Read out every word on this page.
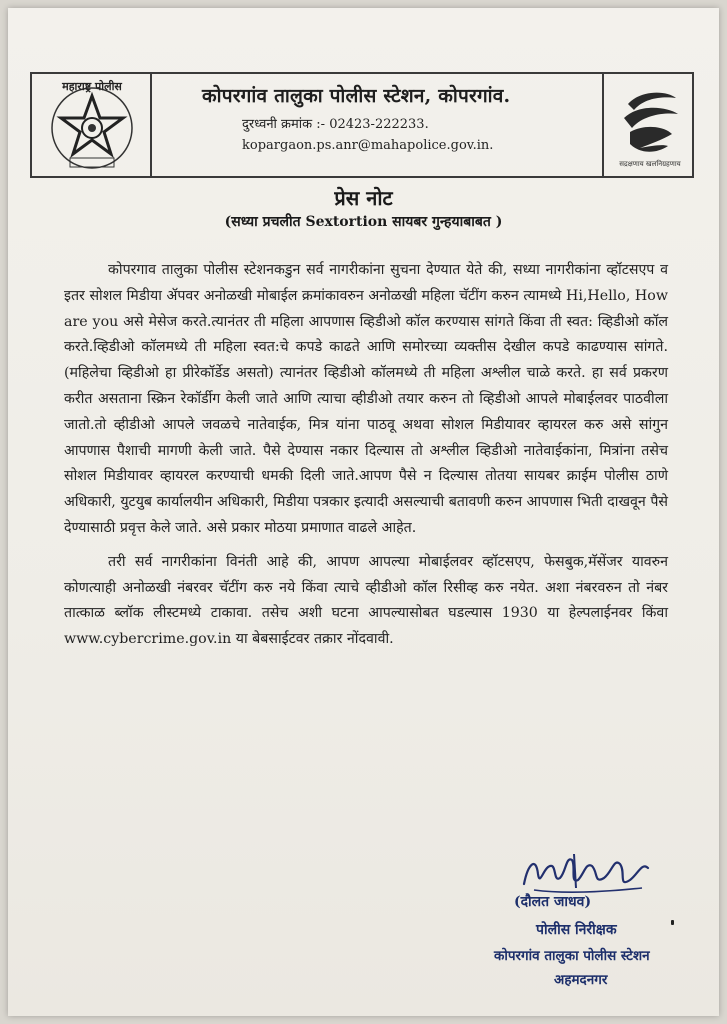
महाराष्ट्र पोलीस	कोपरगांव तालुका पोलीस स्टेशन, कोपरगांव.
दुरध्वनी क्रमांक :- 02423-222233.
kopargaon.ps.anr@mahapolice.gov.in.
सद्रक्षणाय खलनिग्रहणाय
प्रेस नोट
(सध्या प्रचलीत Sextortion सायबर गुन्हयाबाबत )

कोपरगाव तालुका पोलीस स्टेशनकडुन सर्व नागरीकांना सुचना देण्यात येते की, सध्या नागरीकांना व्हॉटसएप व इतर सोशल मिडीया ॲपवर अनोळखी मोबाईल क्रमांकावरुन अनोळखी महिला चॅटींग करुन त्यामध्ये Hi,Hello, How are you असे मेसेज करते.त्यानंतर ती महिला आपणास व्हिडीओ कॉल करण्यास सांगते किंवा ती स्वत: व्हिडीओ कॉल करते.व्हिडीओ कॉलमध्ये ती महिला स्वत:चे कपडे काढते आणि समोरच्या व्यक्तीस देखील कपडे काढण्यास सांगते. (महिलेचा व्हिडीओ हा प्रीरेकॉर्डेड असतो) त्यानंतर व्हिडीओ कॉलमध्ये ती महिला अश्लील चाळे करते. हा सर्व प्रकरण करीत असताना स्क्रिन रेकॉर्डीग केली जाते आणि त्याचा व्हीडीओ तयार करुन तो व्हिडीओ आपले मोबाईलवर पाठवीला जातो.तो व्हीडीओ आपले जवळचे नातेवाईक, मित्र यांना पाठवू अथवा सोशल मिडीयावर व्हायरल करु असे सांगुन आपणास पैशाची मागणी केली जाते. पैसे देण्यास नकार दिल्यास तो अश्लील व्हिडीओ नातेवाईकांना, मित्रांना तसेच सोशल मिडीयावर व्हायरल करण्याची धमकी दिली जाते.आपण पैसे न दिल्यास तोतया सायबर क्राईम पोलीस ठाणे अधिकारी, युटयुब कार्यालयीन अधिकारी, मिडीया पत्रकार इत्यादी असल्याची बतावणी करुन आपणास भिती दाखवून पैसे देण्यासाठी प्रवृत्त केले जाते. असे प्रकार मोठया प्रमाणात वाढले आहेत.

तरी सर्व नागरीकांना विनंती आहे की, आपण आपल्या मोबाईलवर व्हॉटसएप, फेसबुक,मॅसेंजर यावरुन कोणत्याही अनोळखी नंबरवर चॅटींग करु नये किंवा त्याचे व्हीडीओ कॉल रिसीव्ह करु नयेत. अशा नंबरवरुन तो नंबर तात्काळ ब्लॉक लीस्टमध्ये टाकावा. तसेच अशी घटना आपल्यासोबत घडल्यास 1930 या हेल्पलाईनवर किंवा www.cybercrime.gov.in या बेबसाईटवर तक्रार नोंदवावी.

(दौलत जाधव)
पोलीस निरीक्षक
कोपरगांव तालुका पोलीस स्टेशन
अहमदनगर
